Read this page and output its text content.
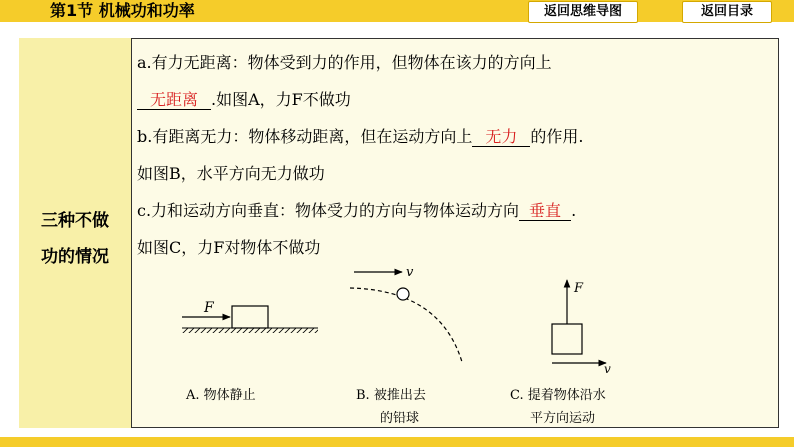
第1节 机械功和功率	返回思维导图	返回目录
三种不做
功的情况

a.有力无距离：物体受到力的作用，但物体在该力的方向上

无距离 .如图A，力F不做功

b.有距离无力：物体移动距离，但在运动方向上 无力 的作用.

如图B，水平方向无力做功

c.力和运动方向垂直：物体受力的方向与物体运动方向 垂直 .

如图C，力F对物体不做功

F
A. 物体静止
v
B. 被推出去
的铅球
F
v
C. 提着物体沿水
平方向运动
